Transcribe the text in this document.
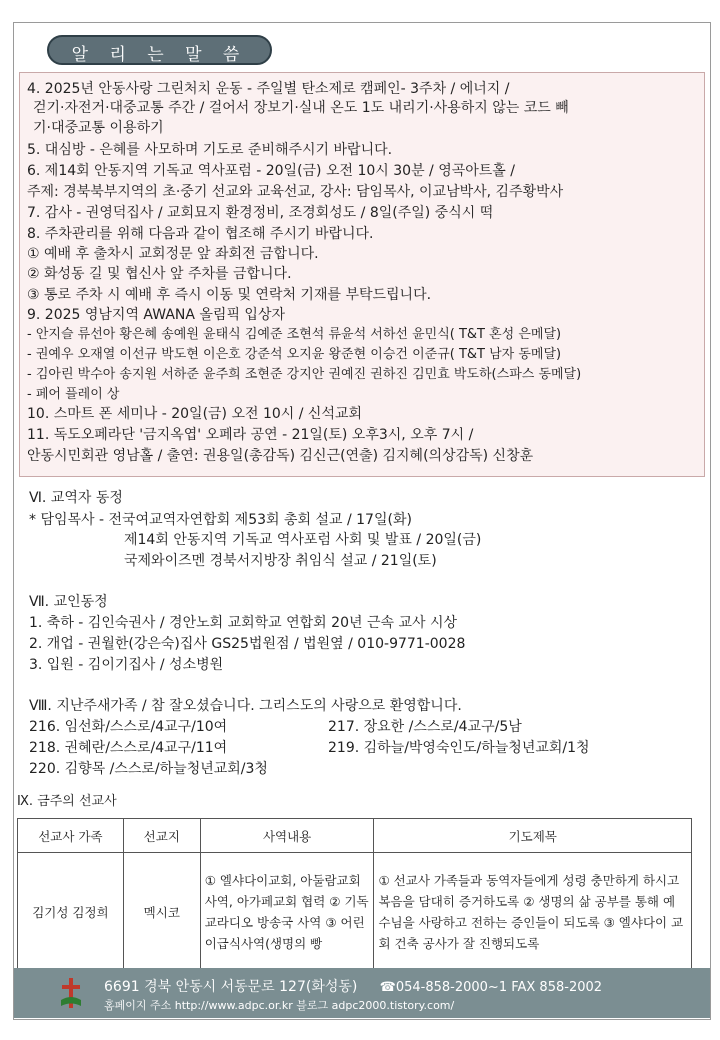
알 리 는 말 씀
4. 2025년 안동사랑 그린처치 운동 - 주일별 탄소제로 캠페인- 3주차 / 에너지 /
걷기·자전거·대중교통 주간 / 걸어서 장보기·실내 온도 1도 내리기·사용하지 않는 코드 빼
기·대중교통 이용하기
5. 대심방 - 은혜를 사모하며 기도로 준비해주시기 바랍니다.
6. 제14회 안동지역 기독교 역사포럼 - 20일(금) 오전 10시 30분 / 영곡아트홀 /
주제: 경북북부지역의 초·중기 선교와 교육선교, 강사: 담임목사, 이교남박사, 김주황박사
7. 감사 - 권영덕집사 / 교회묘지 환경정비, 조경회성도 / 8일(주일) 중식시 떡
8. 주차관리를 위해 다음과 같이 협조해 주시기 바랍니다.
① 예배 후 출차시 교회정문 앞 좌회전 금합니다.
② 화성동 길 및 협신사 앞 주차를 금합니다.
③ 통로 주차 시 예배 후 즉시 이동 및 연락처 기재를 부탁드립니다.
9. 2025 영남지역 AWANA 올림픽 입상자
- 안지슬 류선아 황은혜 송예원 윤태식 김예준 조현석 류윤석 서하선 윤민식( T&T 혼성 은메달)
- 권예우 오재열 이선규 박도현 이은호 강준석 오지윤 왕준현 이승건 이준규( T&T 남자 동메달)
- 김아린 박수아 송지원 서하준 윤주희 조현준 강지안 권예진 권하진 김민효 박도하(스파스 동메달)
- 페어 플레이 상
10. 스마트 폰 세미나 - 20일(금) 오전 10시 / 신석교회
11. 독도오페라단 '금지옥엽' 오페라 공연 - 21일(토) 오후3시, 오후 7시 /
안동시민회관 영남홀 / 출연: 권용일(총감독) 김신근(연출) 김지혜(의상감독) 신창훈
Ⅵ. 교역자 동정
* 담임목사 - 전국여교역자연합회 제53회 총회 설교 / 17일(화)
제14회 안동지역 기독교 역사포럼 사회 및 발표 / 20일(금)
국제와이즈멘 경북서지방장 취임식 설교 / 21일(토)
Ⅶ. 교인동정
1. 축하 - 김인숙권사 / 경안노회 교회학교 연합회 20년 근속 교사 시상
2. 개업 - 권월한(강은숙)집사 GS25법원점 / 법원옆 / 010-9771-0028
3. 입원 - 김이기집사 / 성소병원
Ⅷ. 지난주새가족 / 참 잘오셨습니다. 그리스도의 사랑으로 환영합니다.
216. 임선화/스스로/4교구/10여	217. 장요한 /스스로/4교구/5남
218. 권혜란/스스로/4교구/11여	219. 김하늘/박영숙인도/하늘청년교회/1청
220. 김향목 /스스로/하늘청년교회/3청
Ⅸ. 금주의 선교사
선교사 가족	선교지	사역내용	기도제목
김기성 김정희	멕시코	① 엘샤다이교회, 아둘람교회 사역, 아가페교회 협력 ② 기독교라디오 방송국 사역 ③ 어린이급식사역(생명의 빵	① 선교사 가족들과 동역자들에게 성령 충만하게 하시고 복음을 담대히 증거하도록 ② 생명의 삶 공부를 통해 예수님을 사랑하고 전하는 증인들이 되도록 ③ 엘샤다이 교회 건축 공사가 잘 진행되도록
6691 경북 안동시 서동문로 127(화성동) ☎054-858-2000~1 FAX 858-2002
홈페이지 주소 http://www.adpc.or.kr 블로그 adpc2000.tistory.com/
